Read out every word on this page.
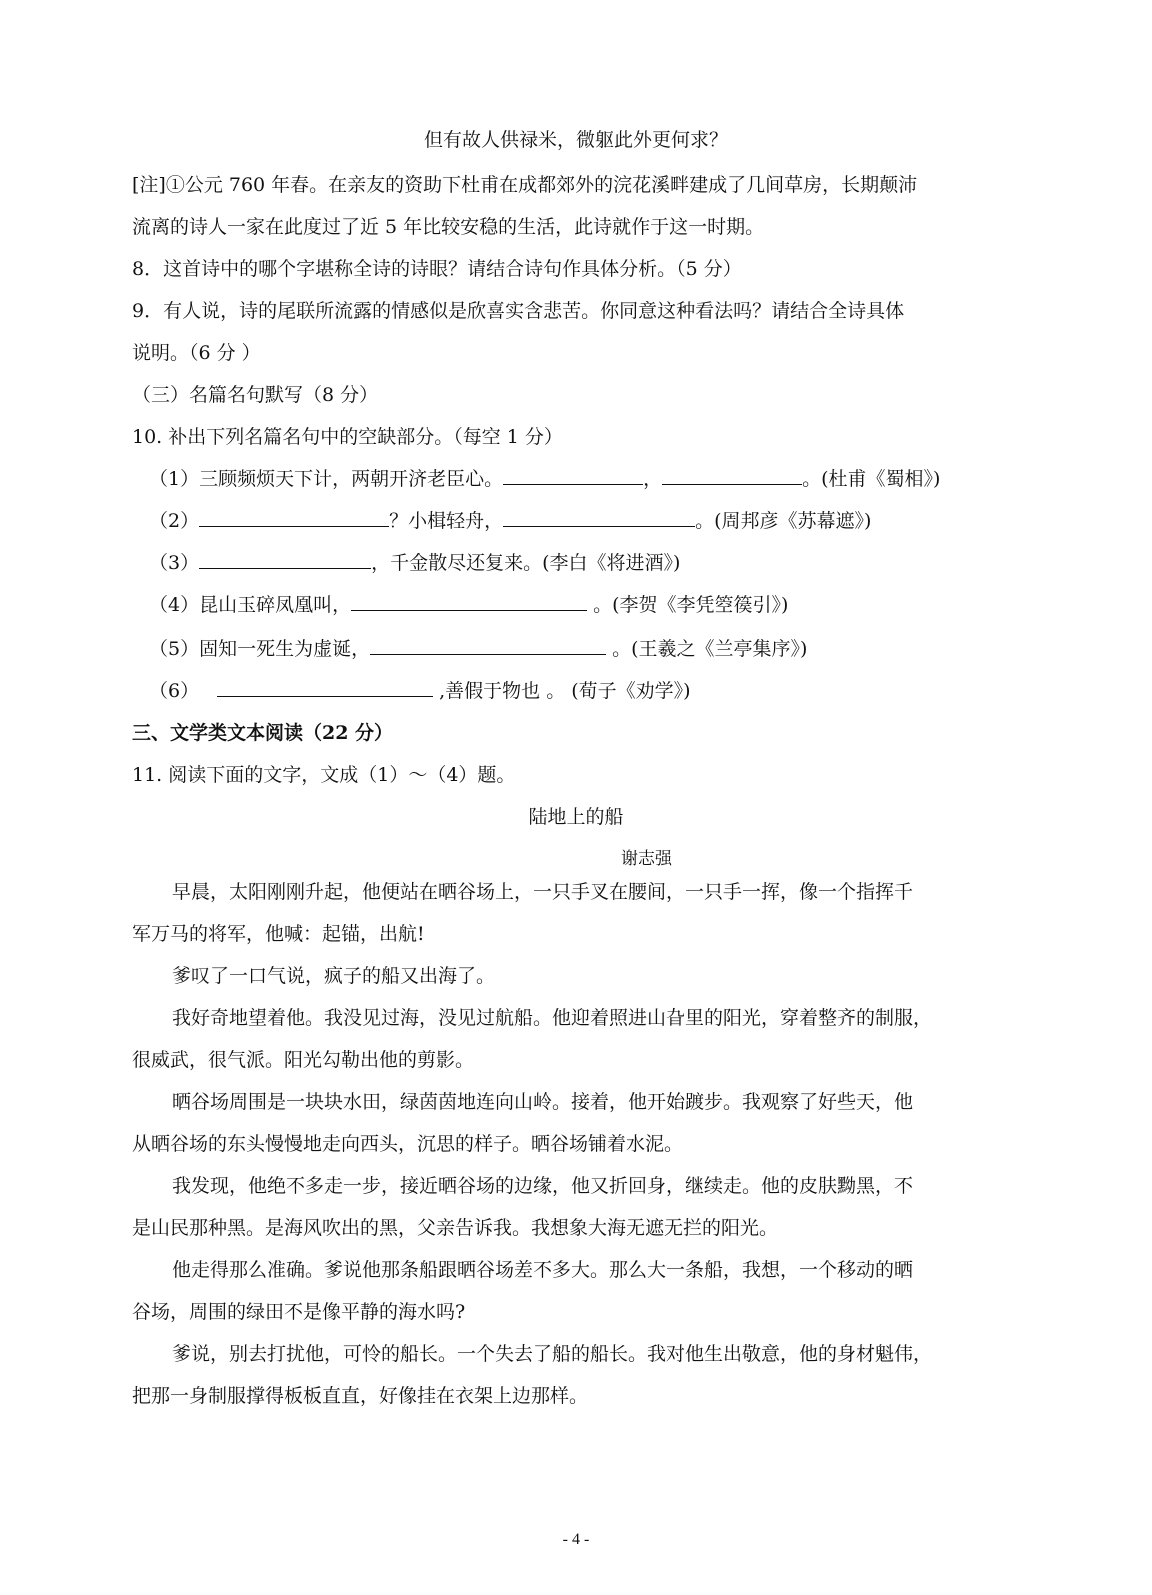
但有故人供禄米，微躯此外更何求？
[注]①公元 760 年春。在亲友的资助下杜甫在成都郊外的浣花溪畔建成了几间草房，长期颠沛
流离的诗人一家在此度过了近 5 年比较安稳的生活，此诗就作于这一时期。
8．这首诗中的哪个字堪称全诗的诗眼？请结合诗句作具体分析。（5 分）
9．有人说，诗的尾联所流露的情感似是欣喜实含悲苦。你同意这种看法吗？请结合全诗具体
说明。（6 分 ）
（三）名篇名句默写（8 分）
10. 补出下列名篇名句中的空缺部分。（每空 1 分）
（1）三顾频烦天下计，两朝开济老臣心。	，	。(杜甫《蜀相》)
（2）	？小楫轻舟，	。(周邦彦《苏幕遮》)
（3）	，千金散尽还复来。(李白《将进酒》)
（4）昆山玉碎凤凰叫，	。(李贺《李凭箜篌引》)
（5）固知一死生为虚诞，	。(王羲之《兰亭集序》)
（6）	,善假于物也 。 (荀子《劝学》)
三、文学类文本阅读（22 分）
11. 阅读下面的文字，文成（1）～（4）题。
陆地上的船
谢志强
早晨，太阳刚刚升起，他便站在晒谷场上，一只手叉在腰间，一只手一挥，像一个指挥千
军万马的将军，他喊：起锚，出航!
爹叹了一口气说，疯子的船又出海了。
我好奇地望着他。我没见过海，没见过航船。他迎着照进山旮里的阳光，穿着整齐的制服，
很威武，很气派。阳光勾勒出他的剪影。
晒谷场周围是一块块水田，绿茵茵地连向山岭。接着，他开始踱步。我观察了好些天，他
从晒谷场的东头慢慢地走向西头，沉思的样子。晒谷场铺着水泥。
我发现，他绝不多走一步，接近晒谷场的边缘，他又折回身，继续走。他的皮肤黝黑，不
是山民那种黑。是海风吹出的黑，父亲告诉我。我想象大海无遮无拦的阳光。
他走得那么准确。爹说他那条船跟晒谷场差不多大。那么大一条船，我想，一个移动的晒
谷场，周围的绿田不是像平静的海水吗?
爹说，别去打扰他，可怜的船长。一个失去了船的船长。我对他生出敬意，他的身材魁伟，
把那一身制服撑得板板直直，好像挂在衣架上边那样。
- 4 -
